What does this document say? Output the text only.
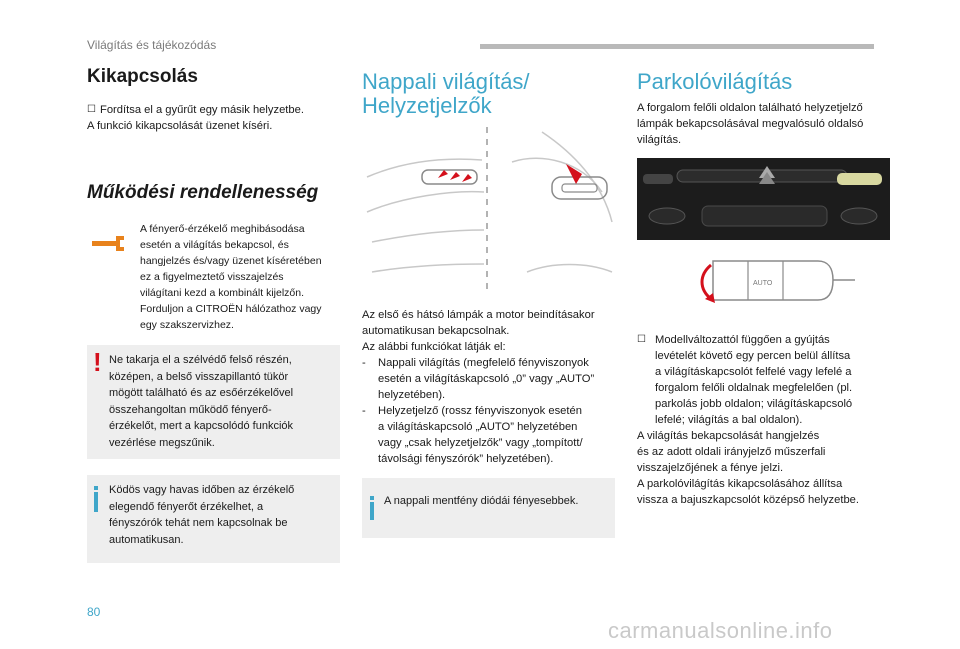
Világítás és tájékozódás
Kikapcsolás
☐ Fordítsa el a gyűrűt egy másik helyzetbe.

A funkció kikapcsolását üzenet kíséri.

Működési rendellenesség
A fényerő-érzékelő meghibásodása
esetén a világítás bekapcsol, és
hangjelzés és/vagy üzenet kíséretében
ez a figyelmeztető visszajelzés
világítani kezd a kombinált kijelzőn.
Forduljon a CITROËN hálózathoz vagy
egy szakszervizhez.
! Ne takarja el a szélvédő felső részén,
középen, a belső visszapillantó tükör
mögött található és az esőérzékelővel
összehangoltan működő fényerő-
érzékelőt, mert a kapcsolódó funkciók
vezérlése megszűnik.
Ködös vagy havas időben az érzékelő
elegendő fényerőt érzékelhet, a
fényszórók tehát nem kapcsolnak be
automatikusan.
Nappali világítás/
Helyzetjelzők
Az első és hátsó lámpák a motor beindításakor
automatikusan bekapcsolnak.
Az alábbi funkciókat látják el:
-	Nappali világítás (megfelelő fényviszonyok
esetén a világításkapcsoló „0” vagy „AUTO”
helyzetében).
-	Helyzetjelző (rossz fényviszonyok esetén
a világításkapcsoló „AUTO” helyzetében
vagy „csak helyzetjelzők” vagy „tompított/
távolsági fényszórók” helyzetében).
A nappali mentfény diódái fényesebbek.
Parkolóvilágítás
A forgalom felőli oldalon található helyzetjelző
lámpák bekapcsolásával megvalósuló oldalsó
világítás.
AUTO
☐ Modellváltozattól függően a gyújtás
levételét követő egy percen belül állítsa
a világításkapcsolót felfelé vagy lefelé a
forgalom felőli oldalnak megfelelően (pl.
parkolás jobb oldalon; világításkapcsoló
lefelé; világítás a bal oldalon).
A világítás bekapcsolását hangjelzés
és az adott oldali irányjelző műszerfali
visszajelzőjének a fénye jelzi.
A parkolóvilágítás kikapcsolásához állítsa
vissza a bajuszkapcsolót középső helyzetbe.
80
carmanualsonline.info
